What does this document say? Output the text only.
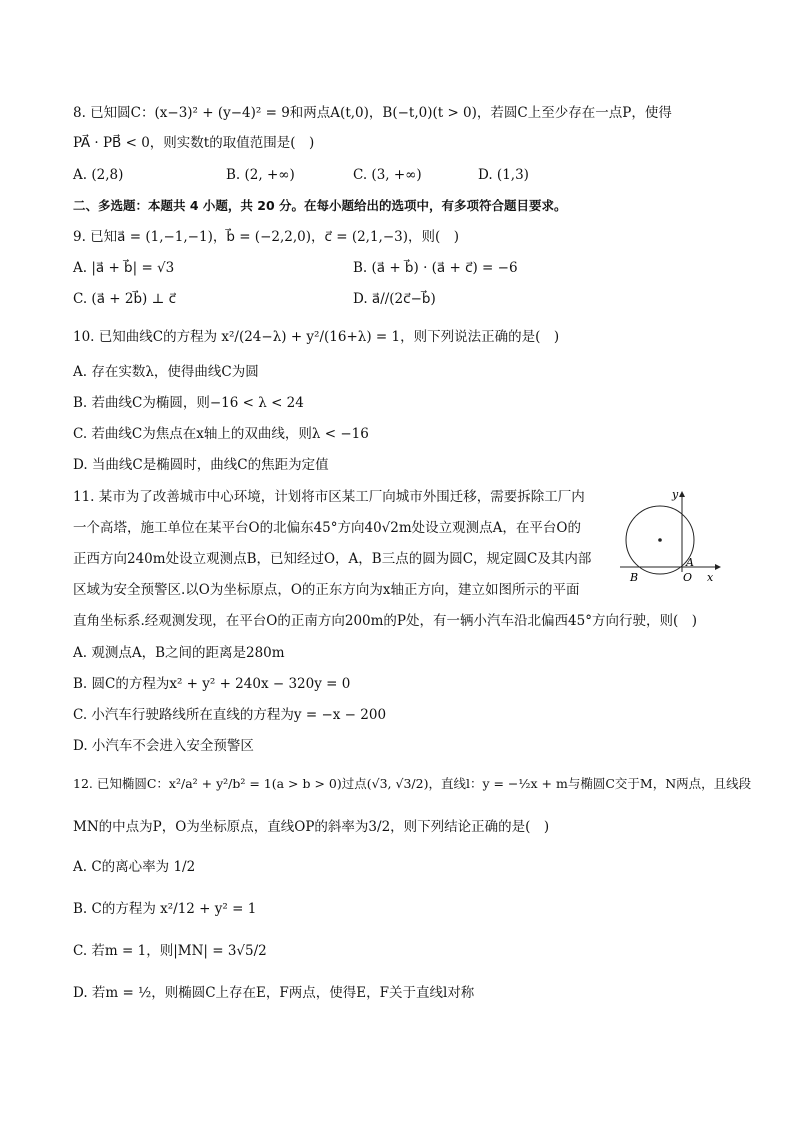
8. 已知圆C：(x−3)² + (y−4)² = 9和两点A(t,0)，B(−t,0)(t > 0)，若圆C上至少存在一点P，使得
PA⃗ · PB⃗ < 0，则实数t的取值范围是(　)
A. (2,8)	B. (2, +∞)	C. (3, +∞)	D. (1,3)
二、多选题：本题共 4 小题，共 20 分。在每小题给出的选项中，有多项符合题目要求。
9. 已知a⃗ = (1,−1,−1)，b⃗ = (−2,2,0)，c⃗ = (2,1,−3)，则(　)
A. |a⃗ + b⃗| = √3	B. (a⃗ + b⃗) · (a⃗ + c⃗) = −6
C. (a⃗ + 2b⃗) ⊥ c⃗	D. a⃗//(2c⃗−b⃗)
10. 已知曲线C的方程为 x²/(24−λ) + y²/(16+λ) = 1，则下列说法正确的是(　)
A. 存在实数λ，使得曲线C为圆
B. 若曲线C为椭圆，则−16 < λ < 24
C. 若曲线C为焦点在x轴上的双曲线，则λ < −16
D. 当曲线C是椭圆时，曲线C的焦距为定值
11. 某市为了改善城市中心环境，计划将市区某工厂向城市外围迁移，需要拆除工厂内
一个高塔，施工单位在某平台O的北偏东45°方向40√2m处设立观测点A，在平台O的
正西方向240m处设立观测点B，已知经过O，A，B三点的圆为圆C，规定圆C及其内部
区域为安全预警区.以O为坐标原点，O的正东方向为x轴正方向，建立如图所示的平面
直角坐标系.经观测发现，在平台O的正南方向200m的P处，有一辆小汽车沿北偏西45°方向行驶，则(　)
y
x
A
B	O
A. 观测点A，B之间的距离是280m
B. 圆C的方程为x² + y² + 240x − 320y = 0
C. 小汽车行驶路线所在直线的方程为y = −x − 200
D. 小汽车不会进入安全预警区
12. 已知椭圆C：x²/a² + y²/b² = 1(a > b > 0)过点(√3, √3/2)，直线l：y = −½x + m与椭圆C交于M，N两点，且线段
MN的中点为P，O为坐标原点，直线OP的斜率为3/2，则下列结论正确的是(　)
A. C的离心率为 1/2
B. C的方程为 x²/12 + y² = 1
C. 若m = 1，则|MN| = 3√5/2
D. 若m = ½，则椭圆C上存在E，F两点，使得E，F关于直线l对称
